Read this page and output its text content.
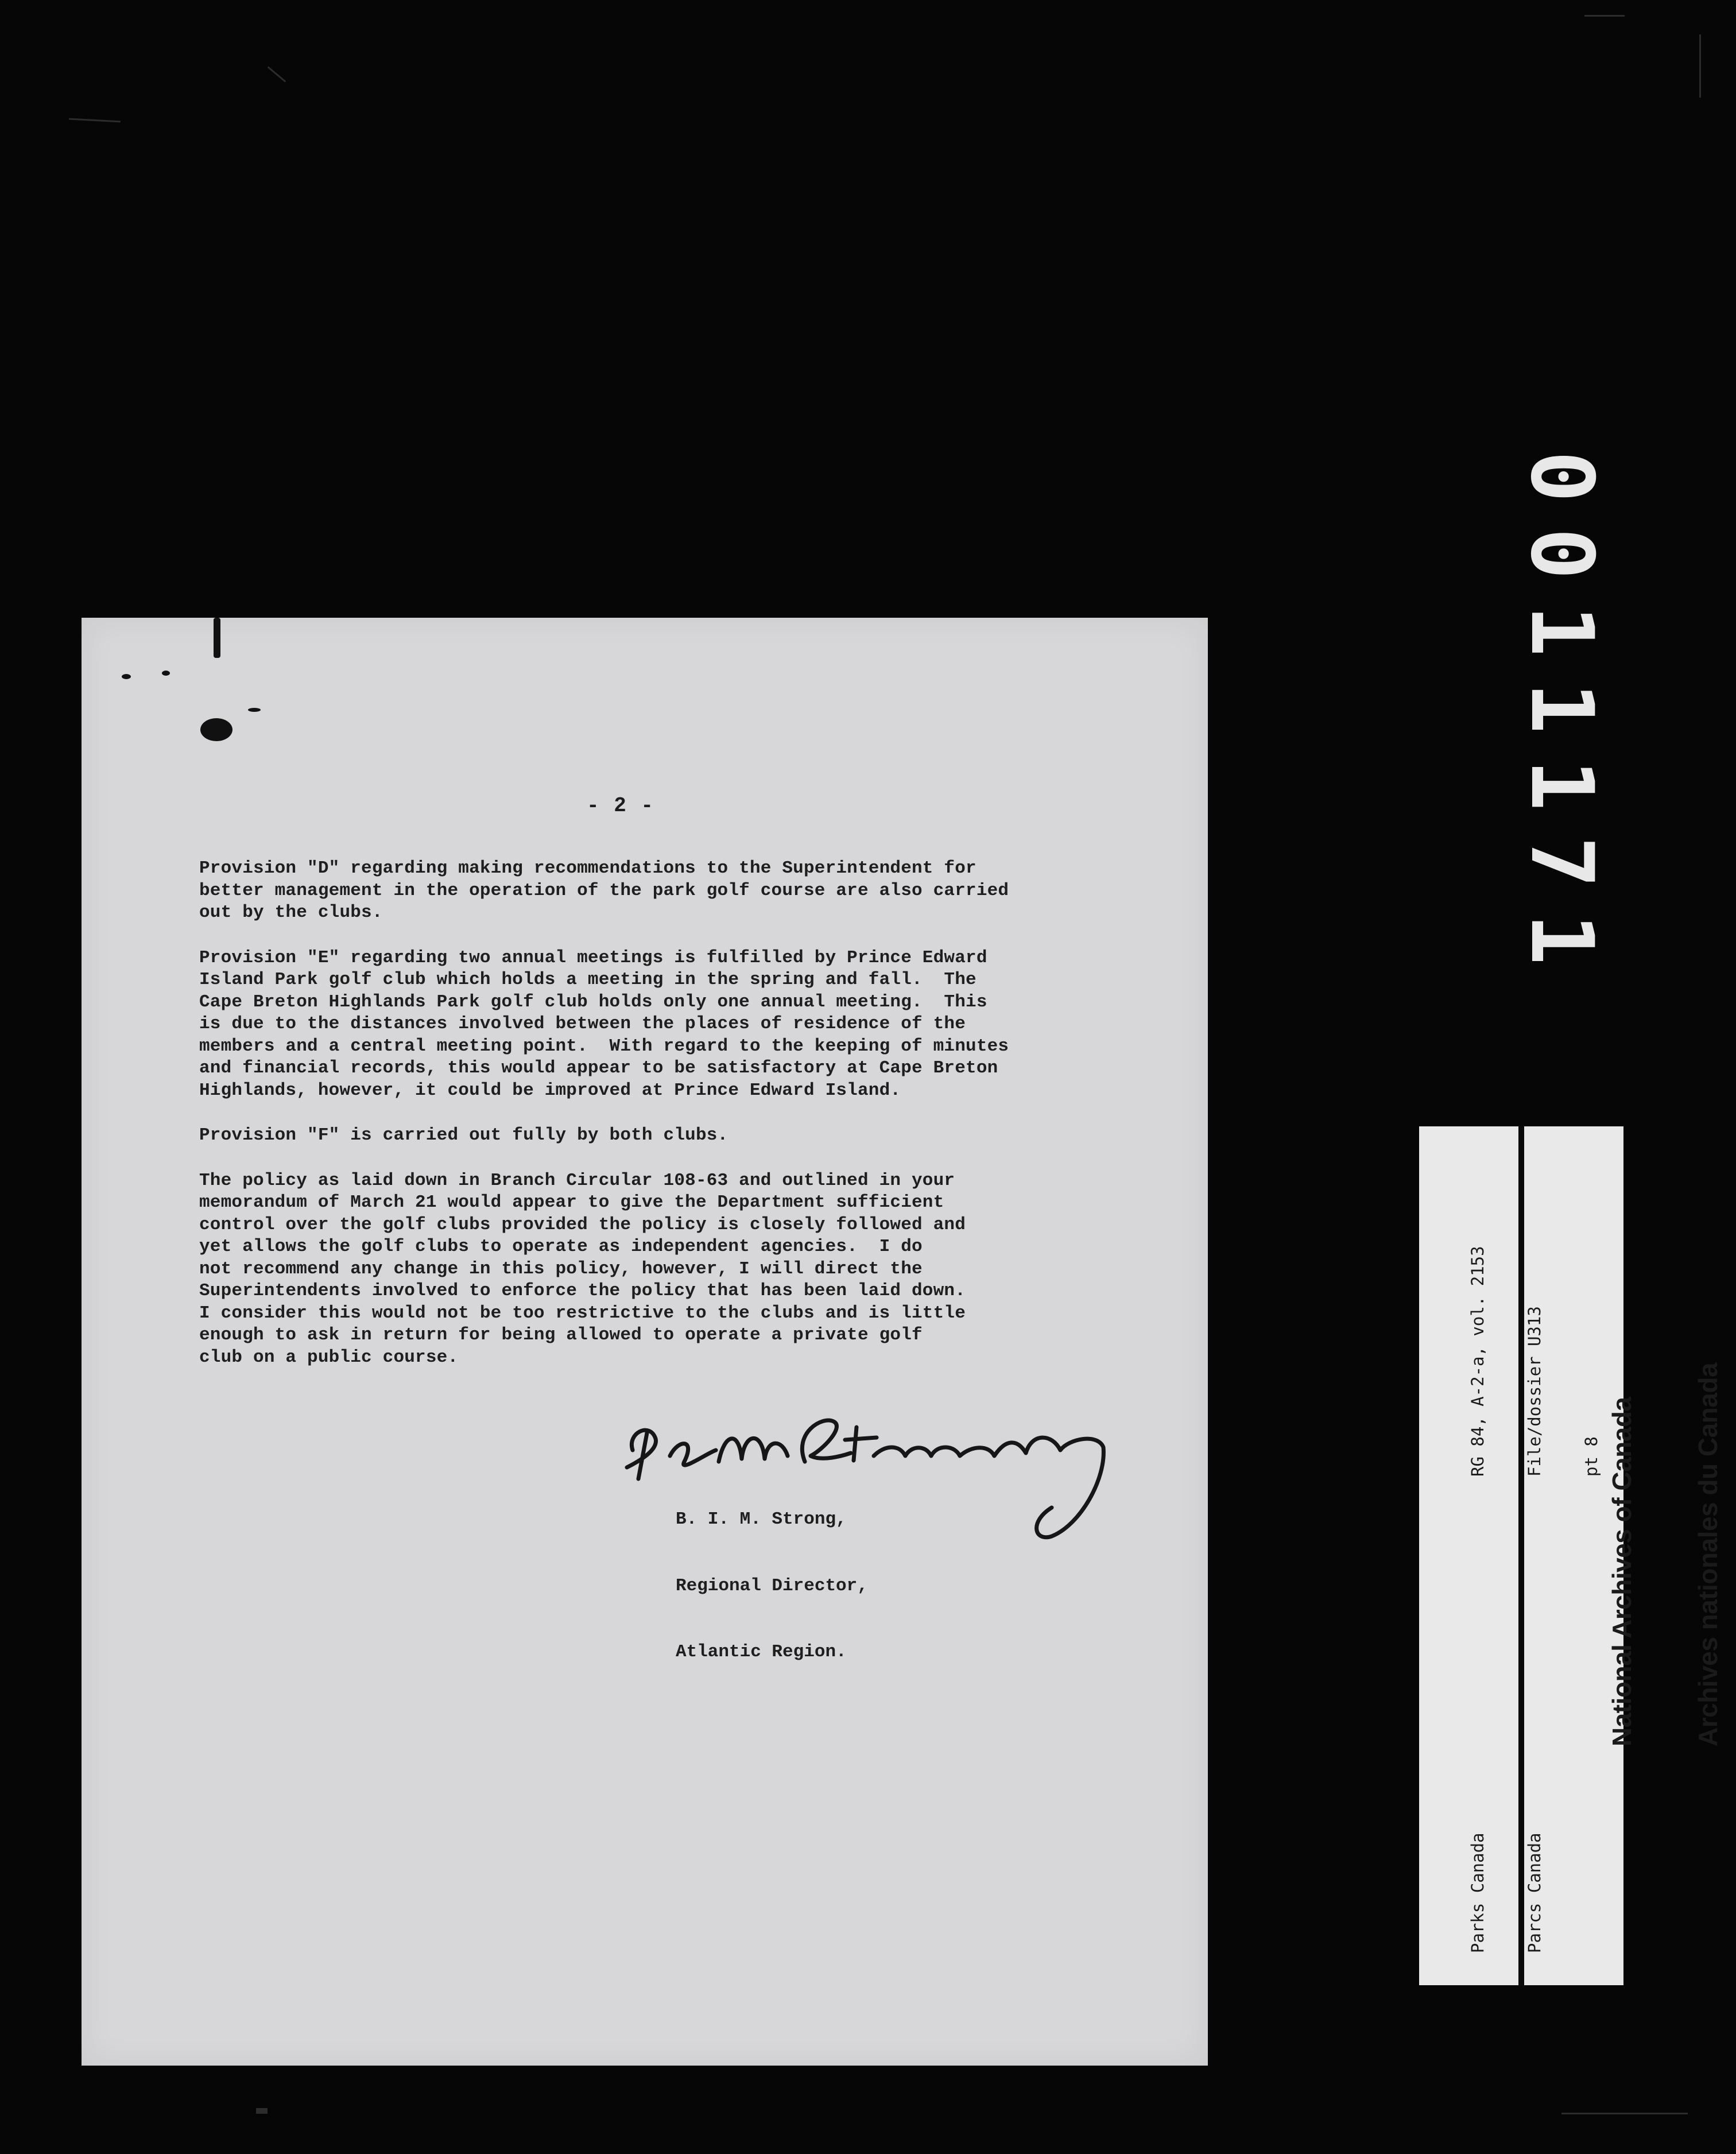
0011171
- 2 -

Provision "D" regarding making recommendations to the Superintendent for
better management in the operation of the park golf course are also carried
out by the clubs.

Provision "E" regarding two annual meetings is fulfilled by Prince Edward
Island Park golf club which holds a meeting in the spring and fall.  The
Cape Breton Highlands Park golf club holds only one annual meeting.  This
is due to the distances involved between the places of residence of the
members and a central meeting point.  With regard to the keeping of minutes
and financial records, this would appear to be satisfactory at Cape Breton
Highlands, however, it could be improved at Prince Edward Island.

Provision "F" is carried out fully by both clubs.

The policy as laid down in Branch Circular 108-63 and outlined in your
memorandum of March 21 would appear to give the Department sufficient
control over the golf clubs provided the policy is closely followed and
yet allows the golf clubs to operate as independent agencies.  I do
not recommend any change in this policy, however, I will direct the
Superintendents involved to enforce the policy that has been laid down.
I consider this would not be too restrictive to the clubs and is little
enough to ask in return for being allowed to operate a private golf
club on a public course.

B. I. M. Strong,

Regional Director,

Atlantic Region.

RG 84, A-2-a, vol. 2153

File/dossier U313

pt 8

Parks Canada

Parcs Canada

National Archives of Canada

Archives nationales du Canada
